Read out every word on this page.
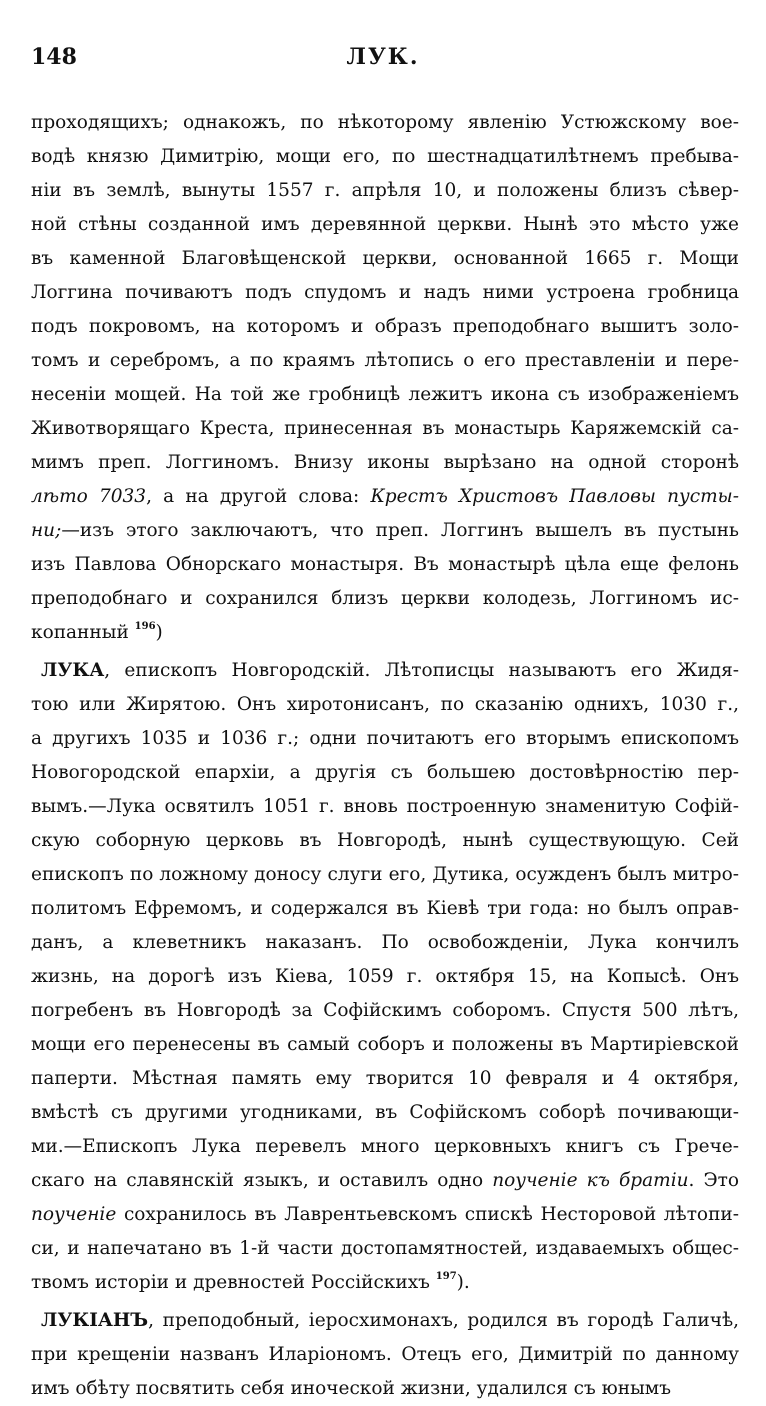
148	ЛУК.
проходящихъ; однакожъ, по нѣкоторому явленію Устюжскому вое-
водѣ князю Димитрію, мощи его, по шестнадцатилѣтнемъ пребыва-
ніи въ землѣ, вынуты 1557 г. апрѣля 10, и положены близъ сѣвер-
ной стѣны созданной имъ деревянной церкви. Нынѣ это мѣсто уже
въ каменной Благовѣщенской церкви, основанной 1665 г. Мощи
Логгина почиваютъ подъ спудомъ и надъ ними устроена гробница
подъ покровомъ, на которомъ и образъ преподобнаго вышитъ золо-
томъ и серебромъ, а по краямъ лѣтопись о его преставленіи и пере-
несеніи мощей. На той же гробницѣ лежитъ икона съ изображеніемъ
Животворящаго Креста, принесенная въ монастырь Каряжемскій са-
мимъ преп. Логгиномъ. Внизу иконы вырѣзано на одной сторонѣ
лѣто 7033, а на другой слова: Крестъ Христовъ Павловы пусты-
ни;—изъ этого заключаютъ, что преп. Логгинъ вышелъ въ пустынь
изъ Павлова Обнорскаго монастыря. Въ монастырѣ цѣла еще фелонь
преподобнаго и сохранился близъ церкви колодезь, Логгиномъ ис-
копанный $^{196}$)
ЛУКА, епископъ Новгородскій. Лѣтописцы называютъ его Жидя-
тою или Жирятою. Онъ хиротонисанъ, по сказанію однихъ, 1030 г.,
а другихъ 1035 и 1036 г.; одни почитаютъ его вторымъ епископомъ
Новогородской епархіи, а другія съ большею достовѣрностію пер-
вымъ.—Лука освятилъ 1051 г. вновь построенную знаменитую Софій-
скую соборную церковь въ Новгородѣ, нынѣ существующую. Сей
епископъ по ложному доносу слуги его, Дутика, осужденъ былъ митро-
политомъ Ефремомъ, и содержался въ Кіевѣ три года: но былъ оправ-
данъ, а клеветникъ наказанъ. По освобожденіи, Лука кончилъ
жизнь, на дорогѣ изъ Кіева, 1059 г. октября 15, на Копысѣ. Онъ
погребенъ въ Новгородѣ за Софійскимъ соборомъ. Спустя 500 лѣтъ,
мощи его перенесены въ самый соборъ и положены въ Мартиріевской
паперти. Мѣстная память ему творится 10 февраля и 4 октября,
вмѣстѣ съ другими угодниками, въ Софійскомъ соборѣ почивающи-
ми.—Епископъ Лука перевелъ много церковныхъ книгъ съ Грече-
скаго на славянскій языкъ, и оставилъ одно поученіе къ братіи. Это
поученіе сохранилось въ Лаврентьевскомъ спискѣ Несторовой лѣтопи-
си, и напечатано въ 1-й части достопамятностей, издаваемыхъ общес-
твомъ исторіи и древностей Россійскихъ $^{197}$).
ЛУКІАНЪ, преподобный, іеросхимонахъ, родился въ городѣ Галичѣ,
при крещеніи названъ Иларіономъ. Отецъ его, Димитрій по данному
имъ обѣту посвятить себя иноческой жизни, удалился съ юнымъ
